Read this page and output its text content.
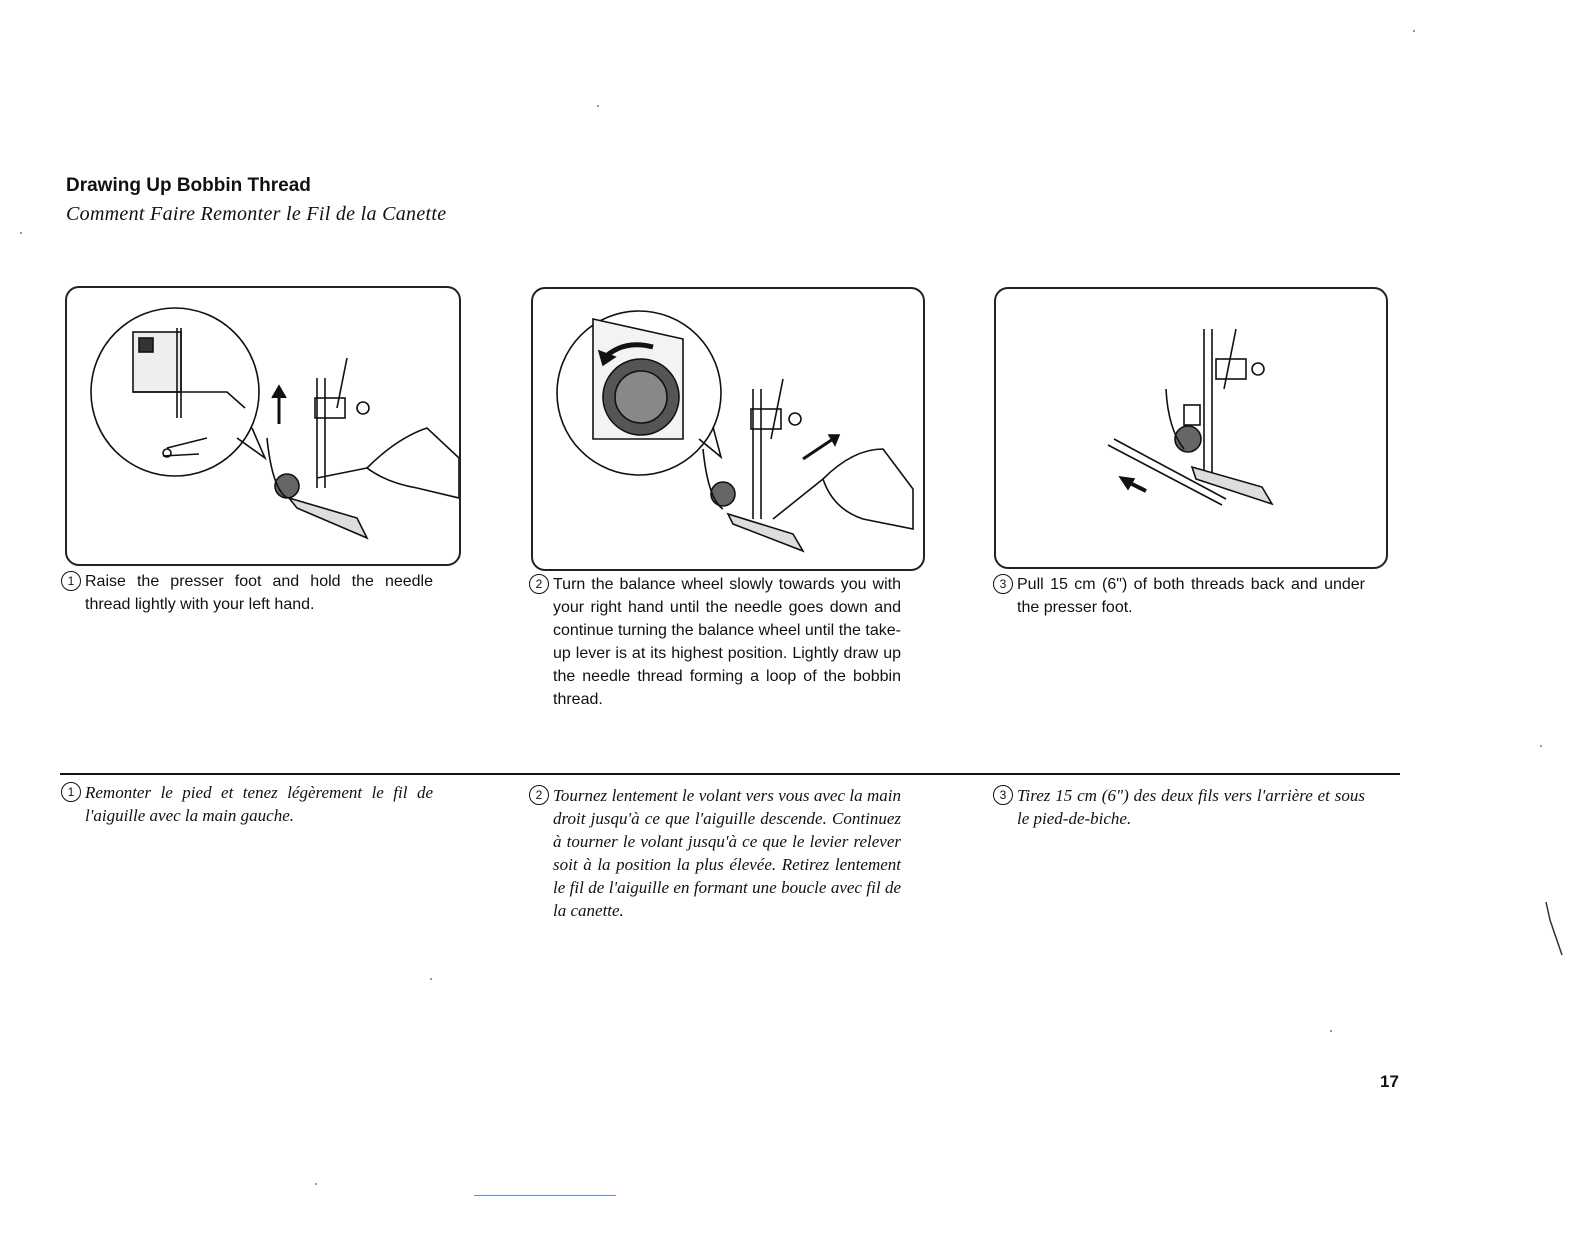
Drawing Up Bobbin Thread
Comment Faire Remonter le Fil de la Canette
1 Raise the presser foot and hold the needle thread lightly with your left hand.
2 Turn the balance wheel slowly towards you with your right hand until the needle goes down and continue turning the balance wheel until the take-up lever is at its highest position. Lightly draw up the needle thread forming a loop of the bobbin thread.
3 Pull 15 cm (6") of both threads back and under the presser foot.
1 Remonter le pied et tenez légèrement le fil de l'aiguille avec la main gauche.
2 Tournez lentement le volant vers vous avec la main droit jusqu'à ce que l'aiguille descende. Continuez à tourner le volant jusqu'à ce que le levier relever soit à la position la plus élevée. Retirez lentement le fil de l'aiguille en formant une boucle avec fil de la canette.
3 Tirez 15 cm (6") des deux fils vers l'arrière et sous le pied-de-biche.
17
